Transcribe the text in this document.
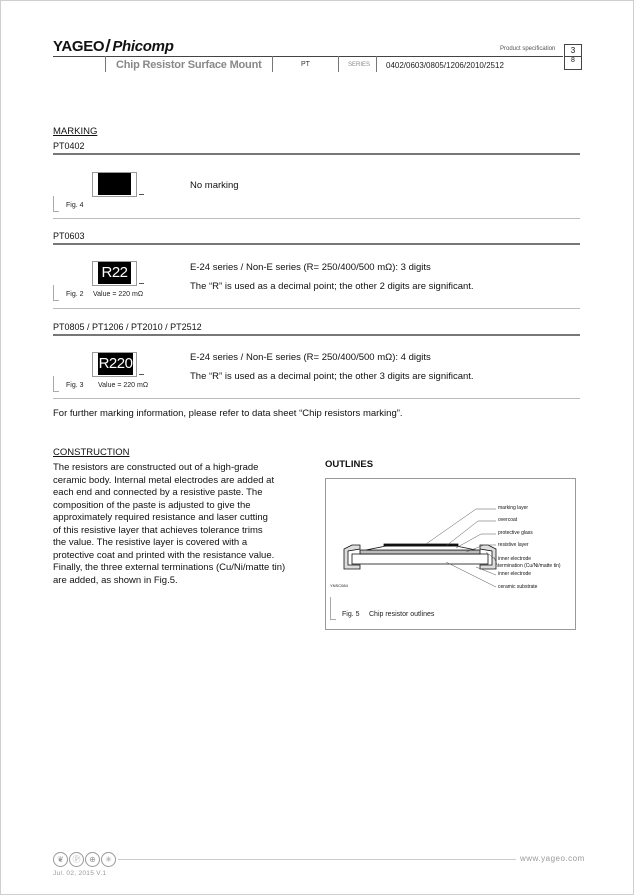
YAGEO Phicomp	Product specification	3
8
Chip Resistor Surface Mount	PT	SERIES 0402/0603/0805/1206/2010/2512
MARKING
PT0402
Fig. 4
No marking
PT0603
R22
Fig. 2 Value = 220 mΩ
E-24 series / Non-E series (R= 250/400/500 mΩ): 3 digits
The “R” is used as a decimal point; the other 2 digits are significant.
PT0805 / PT1206 / PT2010 / PT2512
R220
Fig. 3 Value = 220 mΩ
E-24 series / Non-E series (R= 250/400/500 mΩ): 4 digits
The “R” is used as a decimal point; the other 3 digits are significant.
For further marking information, please refer to data sheet “Chip resistors marking”.
CONSTRUCTION
The resistors are constructed out of a high-grade
ceramic body. Internal metal electrodes are added at
each end and connected by a resistive paste. The
composition of the paste is adjusted to give the
approximately required resistance and laser cutting
of this resistive layer that achieves tolerance trims
the value. The resistive layer is covered with a
protective coat and printed with the resistance value.
Finally, the three external terminations (Cu/Ni/matte tin)
are added, as shown in Fig.5.
OUTLINES
marking layer
overcoat
protective glass
resistive layer
inner electrode
termination (Cu/Ni/matte tin)
inner electrode
ceramic substrate
YNSC084
Fig. 5 Chip resistor outlines
❦	Ⓟ	⊕	✳	www.yageo.com
Jul. 02, 2015 V.1
